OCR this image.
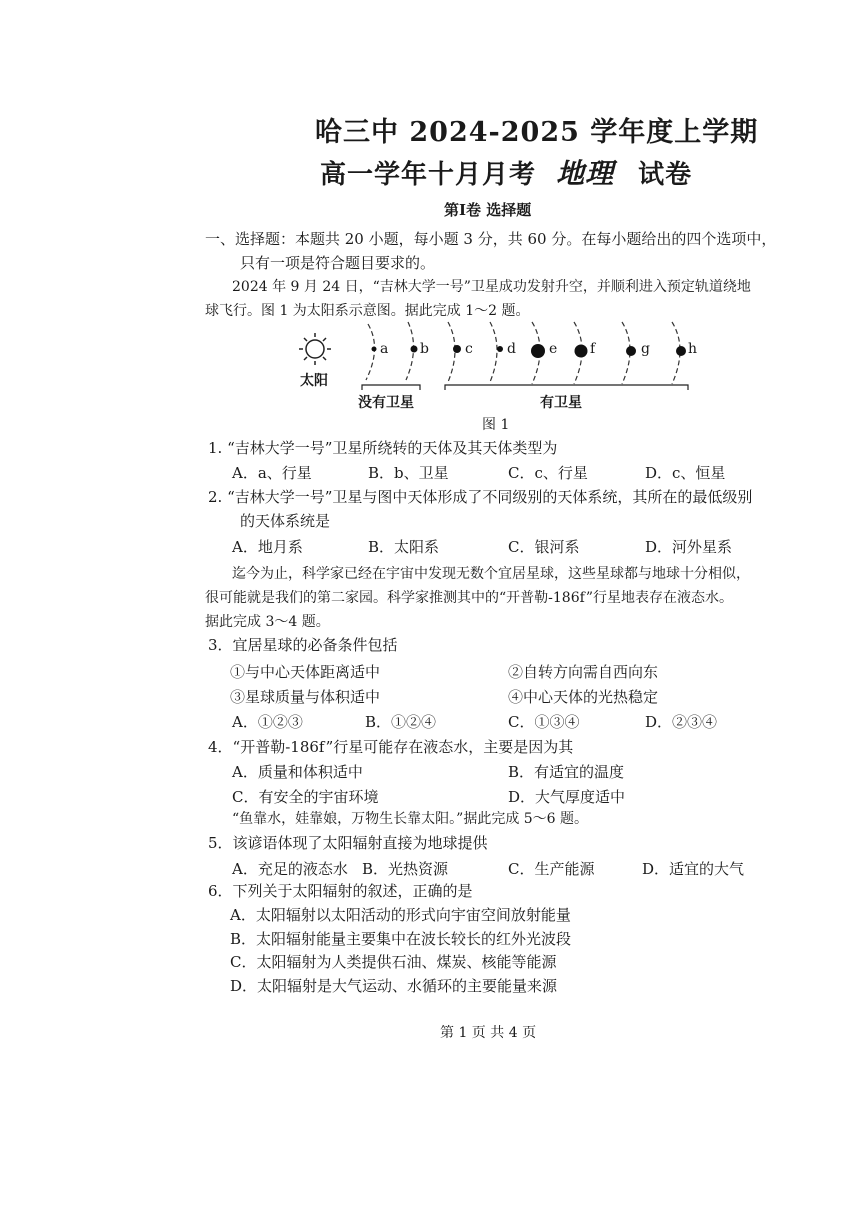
哈三中 2024-2025 学年度上学期
高一学年十月月考 地理 试卷
第Ⅰ卷 选择题
一、选择题：本题共 20 小题，每小题 3 分，共 60 分。在每小题给出的四个选项中，
只有一项是符合题目要求的。
2024 年 9 月 24 日，“吉林大学一号”卫星成功发射升空，并顺利进入预定轨道绕地
球飞行。图 1 为太阳系示意图。据此完成 1～2 题。
a b	c d e f	g	h
太阳
没有卫星	有卫星
图 1
1. “吉林大学一号”卫星所绕转的天体及其天体类型为
A．a、行星	B．b、卫星	C．c、行星	D．c、恒星
2. “吉林大学一号”卫星与图中天体形成了不同级别的天体系统，其所在的最低级别
的天体系统是
A．地月系	B．太阳系	C．银河系	D．河外星系
迄今为止，科学家已经在宇宙中发现无数个宜居星球，这些星球都与地球十分相似，
很可能就是我们的第二家园。科学家推测其中的“开普勒-186f”行星地表存在液态水。
据此完成 3～4 题。
3．宜居星球的必备条件包括
①与中心天体距离适中	②自转方向需自西向东
③星球质量与体积适中	④中心天体的光热稳定
A．①②③	B．①②④	C．①③④	D．②③④
4．“开普勒-186f”行星可能存在液态水，主要是因为其
A．质量和体积适中	B．有适宜的温度
C．有安全的宇宙环境	D．大气厚度适中
“鱼靠水，娃靠娘，万物生长靠太阳。”据此完成 5～6 题。
5．该谚语体现了太阳辐射直接为地球提供
A．充足的液态水 B．光热资源	C．生产能源	D．适宜的大气
6．下列关于太阳辐射的叙述，正确的是
A．太阳辐射以太阳活动的形式向宇宙空间放射能量
B．太阳辐射能量主要集中在波长较长的红外光波段
C．太阳辐射为人类提供石油、煤炭、核能等能源
D．太阳辐射是大气运动、水循环的主要能量来源
第 1 页 共 4 页
